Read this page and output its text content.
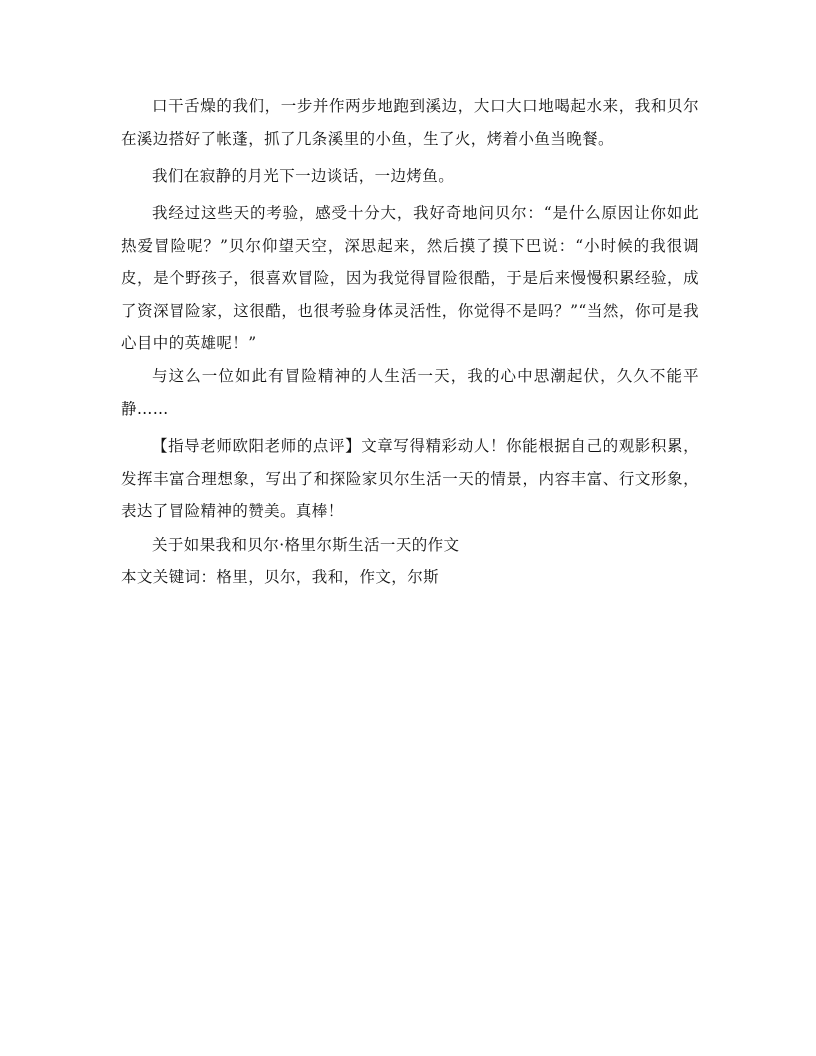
口干舌燥的我们，一步并作两步地跑到溪边，大口大口地喝起水来，我和贝尔在溪边搭好了帐蓬，抓了几条溪里的小鱼，生了火，烤着小鱼当晚餐。

我们在寂静的月光下一边谈话，一边烤鱼。

我经过这些天的考验，感受十分大，我好奇地问贝尔：“是什么原因让你如此热爱冒险呢？”贝尔仰望天空，深思起来，然后摸了摸下巴说：“小时候的我很调皮，是个野孩子，很喜欢冒险，因为我觉得冒险很酷，于是后来慢慢积累经验，成了资深冒险家，这很酷，也很考验身体灵活性，你觉得不是吗？”“当然，你可是我心目中的英雄呢！”

与这么一位如此有冒险精神的人生活一天，我的心中思潮起伏，久久不能平静……

【指导老师欧阳老师的点评】文章写得精彩动人！你能根据自己的观影积累，发挥丰富合理想象，写出了和探险家贝尔生活一天的情景，内容丰富、行文形象，表达了冒险精神的赞美。真棒！

关于如果我和贝尔·格里尔斯生活一天的作文

本文关键词：格里，贝尔，我和，作文，尔斯
